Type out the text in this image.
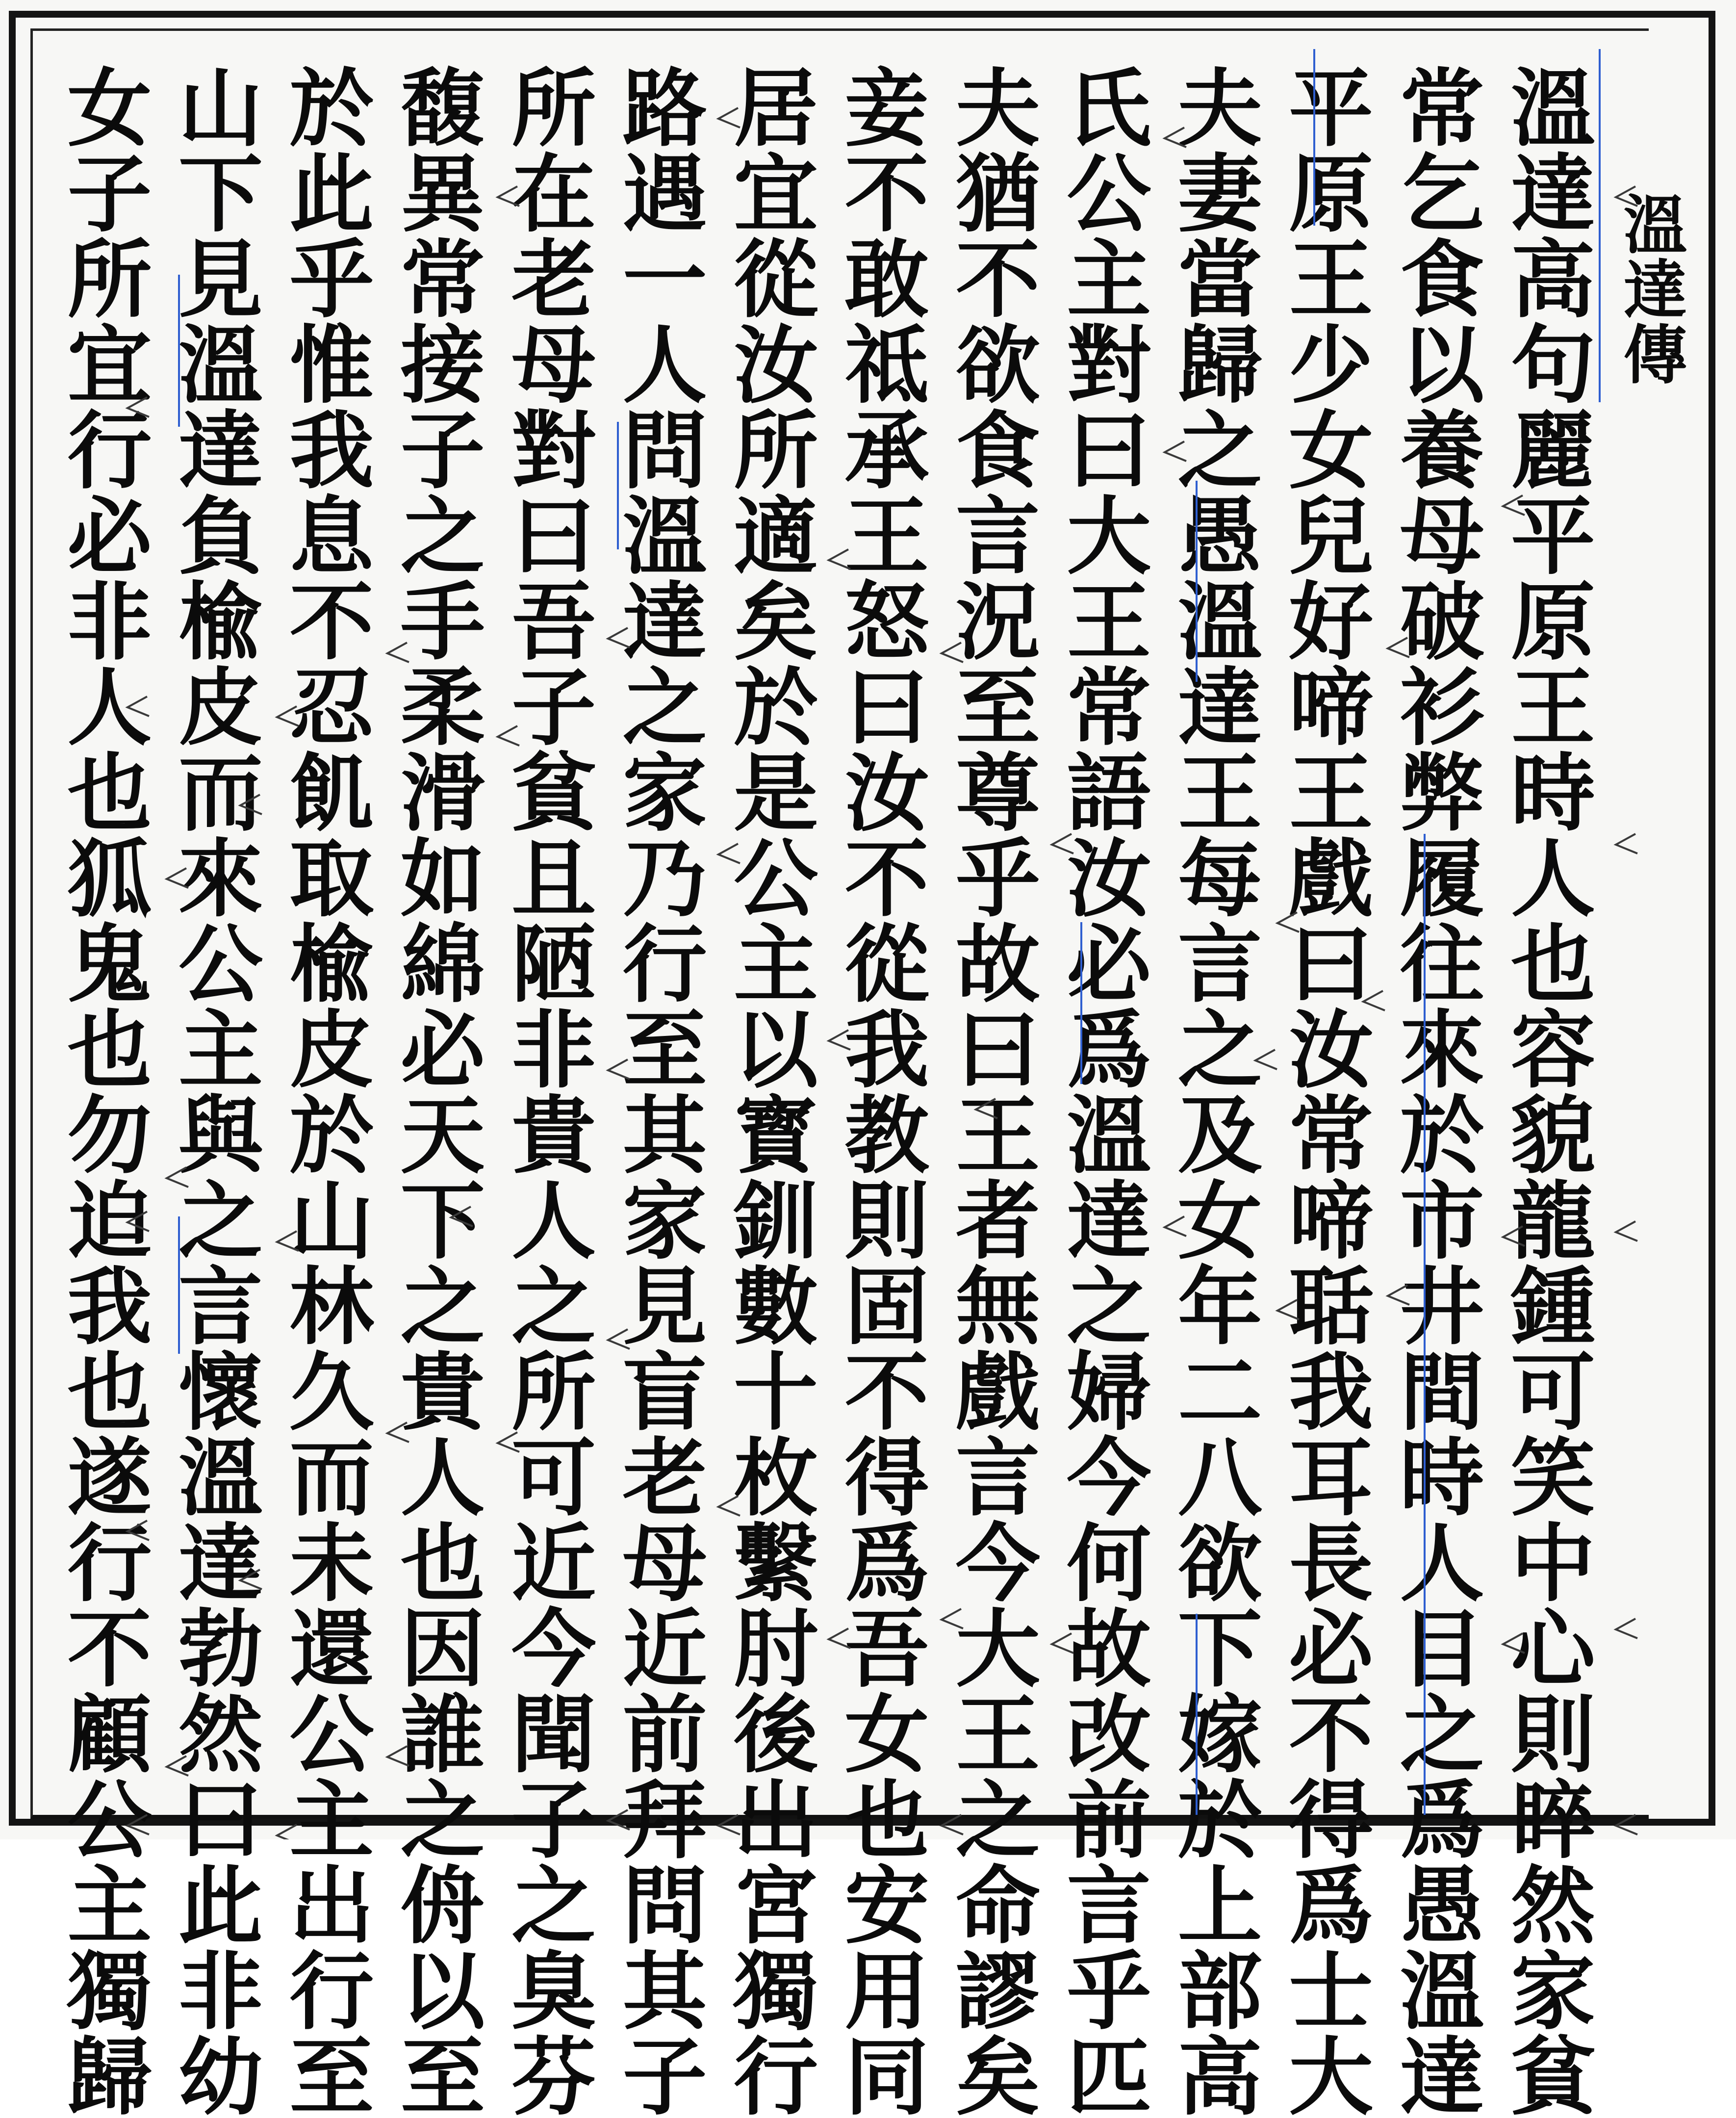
溫達傳
溫達高句麗平原王時人也容貌龍鍾可笑中心則睟然家貧
常乞食以養母破衫弊履往來於市井間時人目之爲愚溫達
平原王少女兒好啼王戲曰汝常啼聒我耳長必不得爲士大
夫妻當歸之愚溫達王每言之及女年二八欲下嫁於上部高
氏公主對曰大王常語汝必爲溫達之婦今何故改前言乎匹
夫猶不欲食言況至尊乎故曰王者無戲言今大王之命謬矣
妾不敢祗承王怒曰汝不從我教則固不得爲吾女也安用同
居宜從汝所適矣於是公主以寳釧數十枚繫肘後出宮獨行
路遇一人問溫達之家乃行至其家見盲老母近前拜問其子
所在老母對曰吾子貧且陋非貴人之所可近今聞子之臭芬
馥異常接子之手柔滑如綿必天下之貴人也因誰之侜以至
於此乎惟我息不忍飢取楡皮於山林久而未還公主出行至
山下見溫達負楡皮而來公主與之言懷溫達勃然曰此非幼
女子所宜行必非人也狐鬼也勿迫我也遂行不顧公主獨歸
